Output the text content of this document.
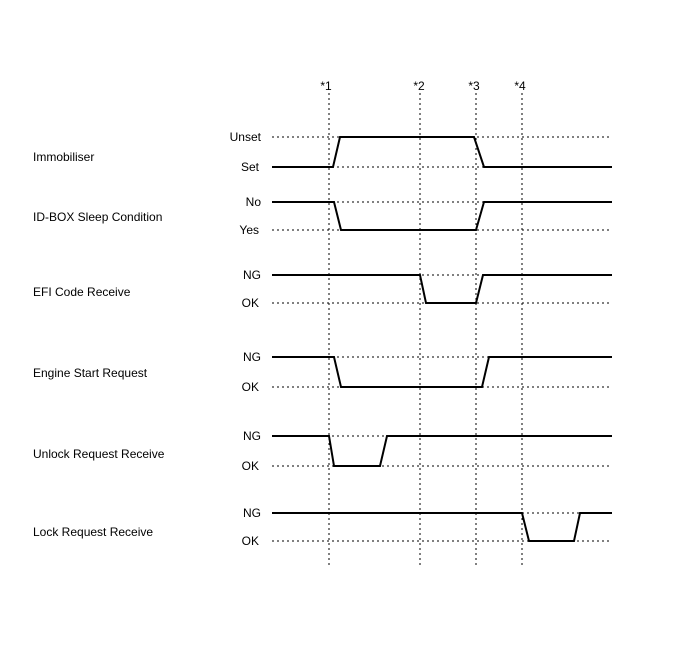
*1	*2	*3	*4
Immobiliser
Unset
Set
ID-BOX Sleep Condition
No
Yes
EFI Code Receive
NG
OK
Engine Start Request
NG
OK
Unlock Request Receive
NG
OK
Lock Request Receive
NG
OK
